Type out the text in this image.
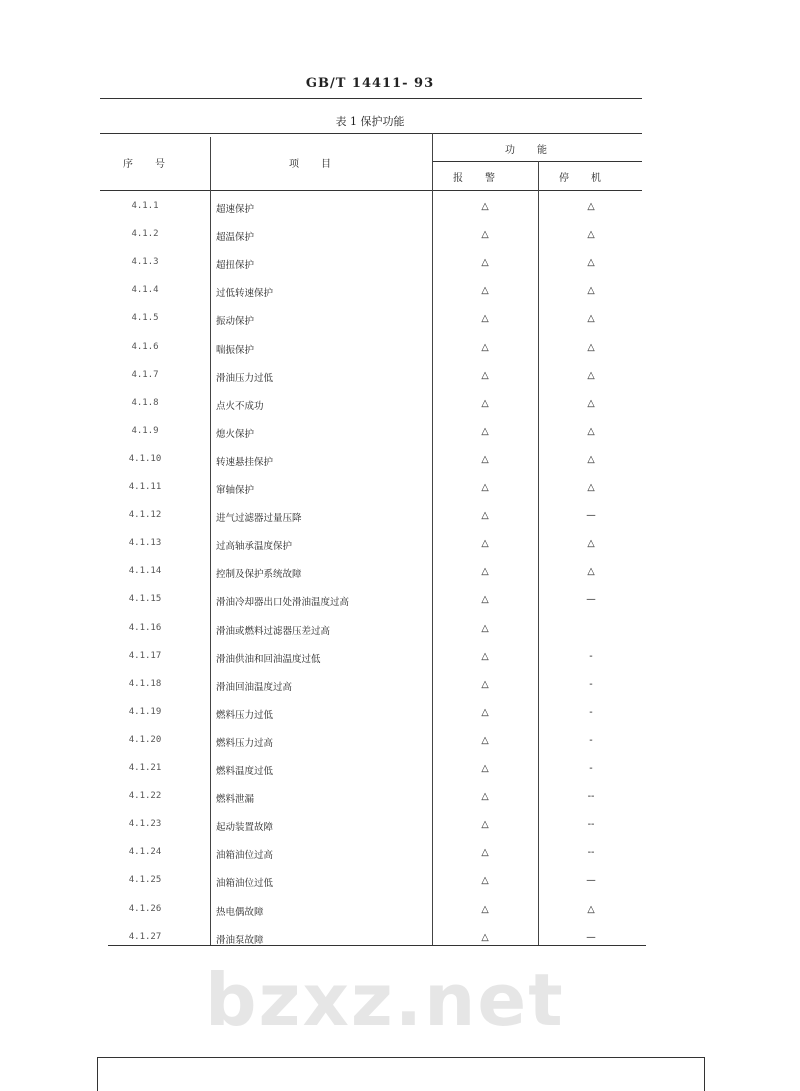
GB/T 14411- 93
表 1 保护功能
序号	项目
功能
报警	停机
4.1.1	超速保护	△	△
4.1.2	超温保护	△	△
4.1.3	超扭保护	△	△
4.1.4	过低转速保护	△	△
4.1.5	振动保护	△	△
4.1.6	喘振保护	△	△
4.1.7	滑油压力过低	△	△
4.1.8	点火不成功	△	△
4.1.9	熄火保护	△	△
4.1.10	转速悬挂保护	△	△
4.1.11	窜轴保护	△	△
4.1.12	进气过滤器过量压降	△	—
4.1.13	过高轴承温度保护	△	△
4.1.14	控制及保护系统故障	△	△
4.1.15	滑油冷却器出口处滑油温度过高	△	—
4.1.16	滑油或燃料过滤器压差过高	△
4.1.17	滑油供油和回油温度过低	△	-
4.1.18	滑油回油温度过高	△	-
4.1.19	燃料压力过低	△	-
4.1.20	燃料压力过高	△	-
4.1.21	燃料温度过低	△	-
4.1.22	燃料泄漏	△	--
4.1.23	起动装置故障	△	--
4.1.24	油箱油位过高	△	--
4.1.25	油箱油位过低	△	—
4.1.26	热电偶故障	△	△
4.1.27	滑油泵故障	△	—
bzxz.net
